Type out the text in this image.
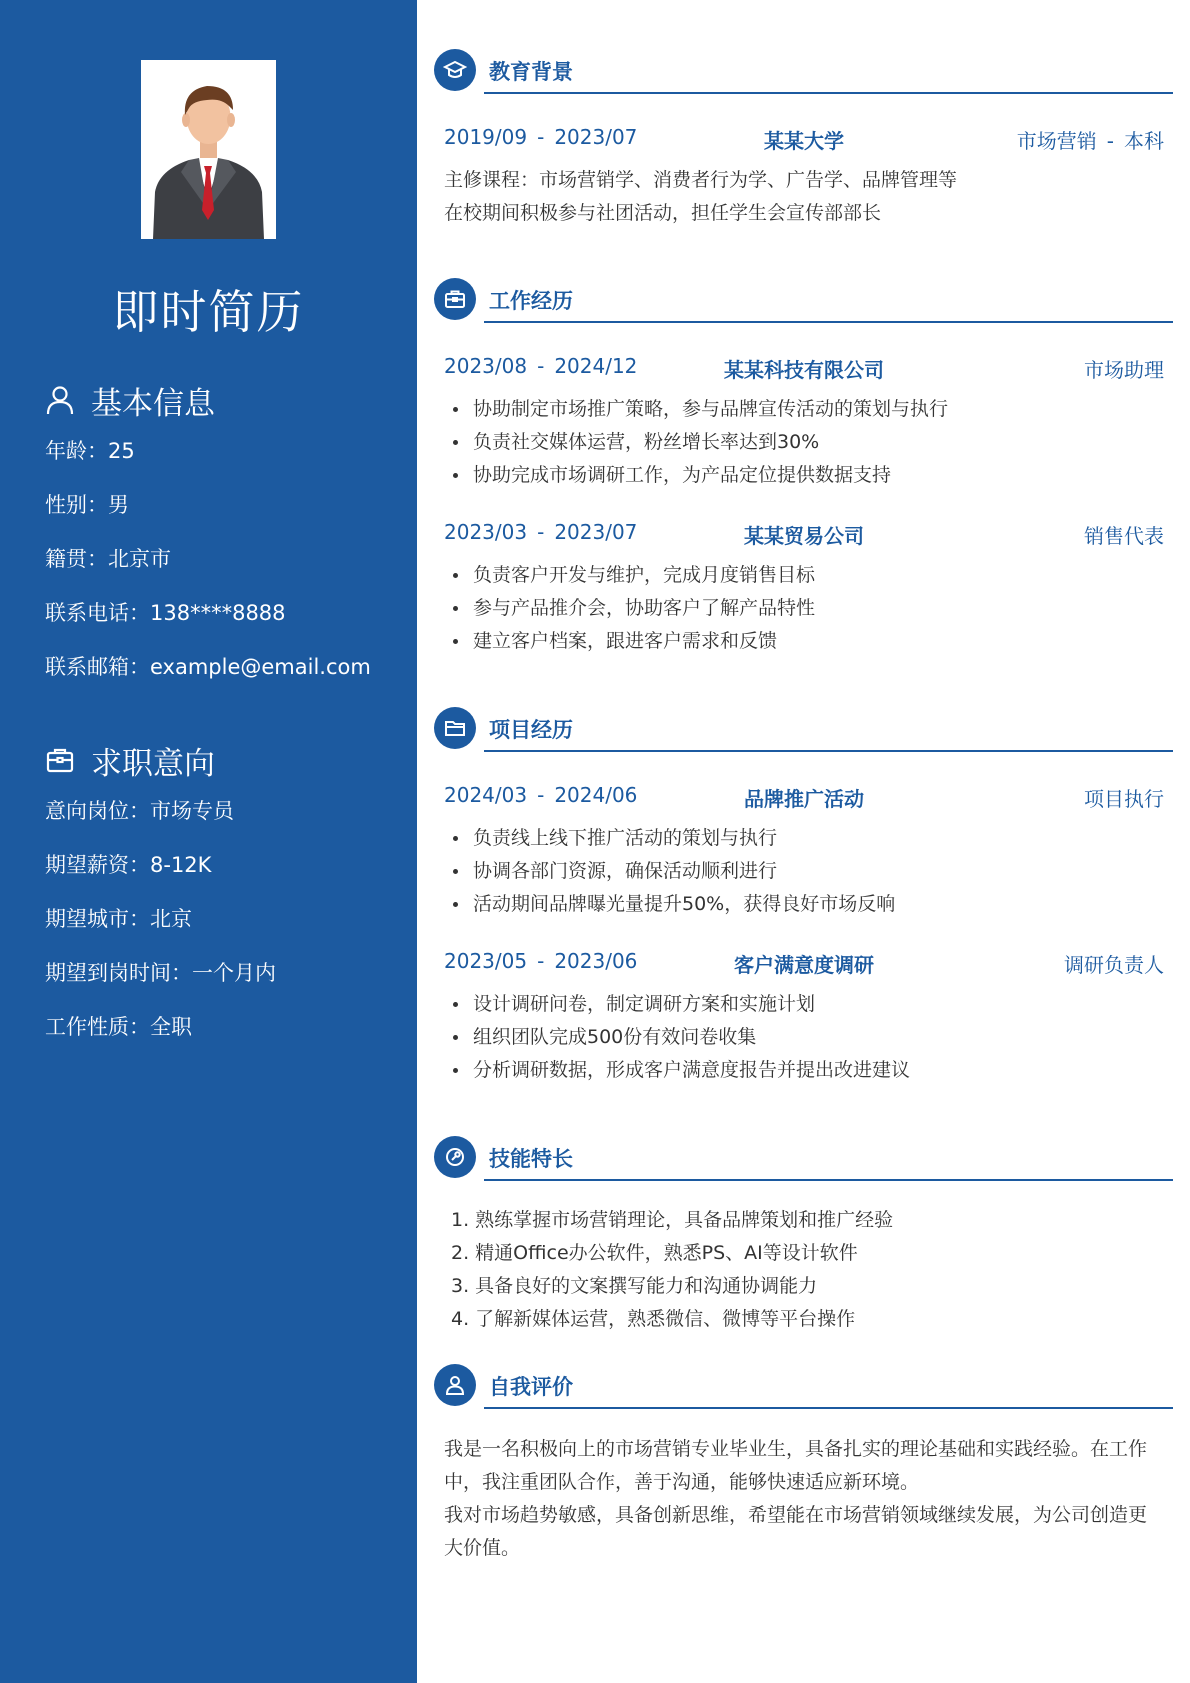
即时简历
基本信息
年龄：25
性别：男
籍贯：北京市
联系电话：138****8888
联系邮箱：example@email.com
求职意向
意向岗位：市场专员
期望薪资：8-12K
期望城市：北京
期望到岗时间：一个月内
工作性质：全职
教育背景
2019/09 - 2023/07	某某大学	市场营销 - 本科
主修课程：市场营销学、消费者行为学、广告学、品牌管理等
在校期间积极参与社团活动，担任学生会宣传部部长
工作经历
2023/08 - 2024/12	某某科技有限公司	市场助理
协助制定市场推广策略，参与品牌宣传活动的策划与执行
负责社交媒体运营，粉丝增长率达到30%
协助完成市场调研工作，为产品定位提供数据支持
2023/03 - 2023/07	某某贸易公司	销售代表
负责客户开发与维护，完成月度销售目标
参与产品推介会，协助客户了解产品特性
建立客户档案，跟进客户需求和反馈
项目经历
2024/03 - 2024/06	品牌推广活动	项目执行
负责线上线下推广活动的策划与执行
协调各部门资源，确保活动顺利进行
活动期间品牌曝光量提升50%，获得良好市场反响
2023/05 - 2023/06	客户满意度调研	调研负责人
设计调研问卷，制定调研方案和实施计划
组织团队完成500份有效问卷收集
分析调研数据，形成客户满意度报告并提出改进建议
技能特长
1. 熟练掌握市场营销理论，具备品牌策划和推广经验
2. 精通Office办公软件，熟悉PS、AI等设计软件
3. 具备良好的文案撰写能力和沟通协调能力
4. 了解新媒体运营，熟悉微信、微博等平台操作
自我评价
我是一名积极向上的市场营销专业毕业生，具备扎实的理论基础和实践经验。在工作中，我注重团队合作，善于沟通，能够快速适应新环境。
我对市场趋势敏感，具备创新思维，希望能在市场营销领域继续发展，为公司创造更大价值。
